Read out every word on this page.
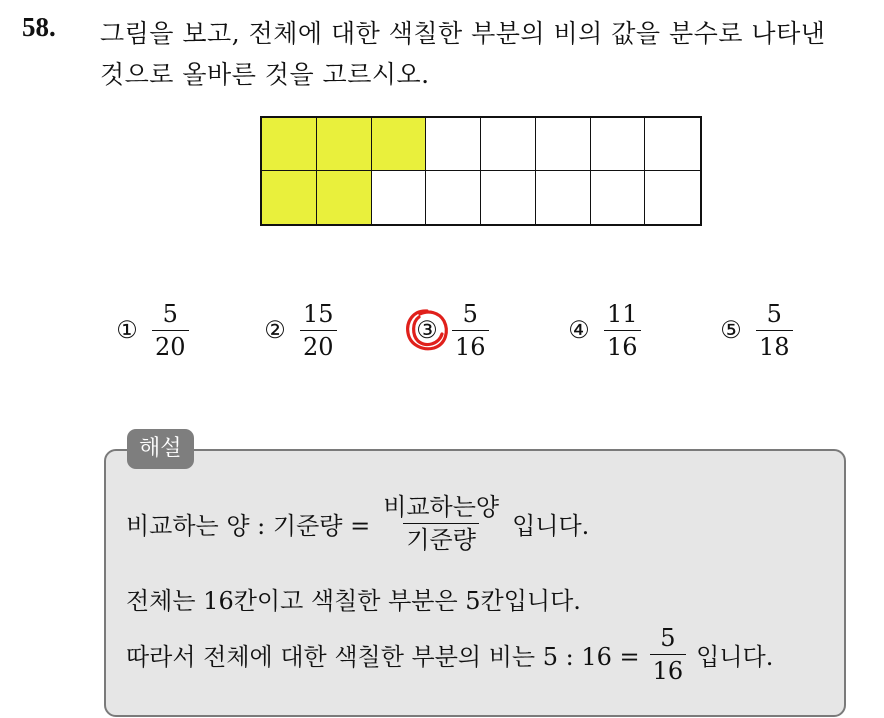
58. 그림을 보고, 전체에 대한 색칠한 부분의 비의 값을 분수로 나타낸
것으로 올바른 것을 고르시오.
① $\frac{5}{20}$	② $\frac{15}{20}$	③ $\frac{5}{16}$	④ $\frac{11}{16}$	⑤ $\frac{5}{18}$
해설
비교하는 양 : 기준량 = $\frac{\text{비교하는양}}{\text{기준량}}$ 입니다.
전체는 16칸이고 색칠한 부분은 5칸입니다.
따라서 전체에 대한 색칠한 부분의 비는 5 : $16 = \frac{5}{16}$ 입니다.
